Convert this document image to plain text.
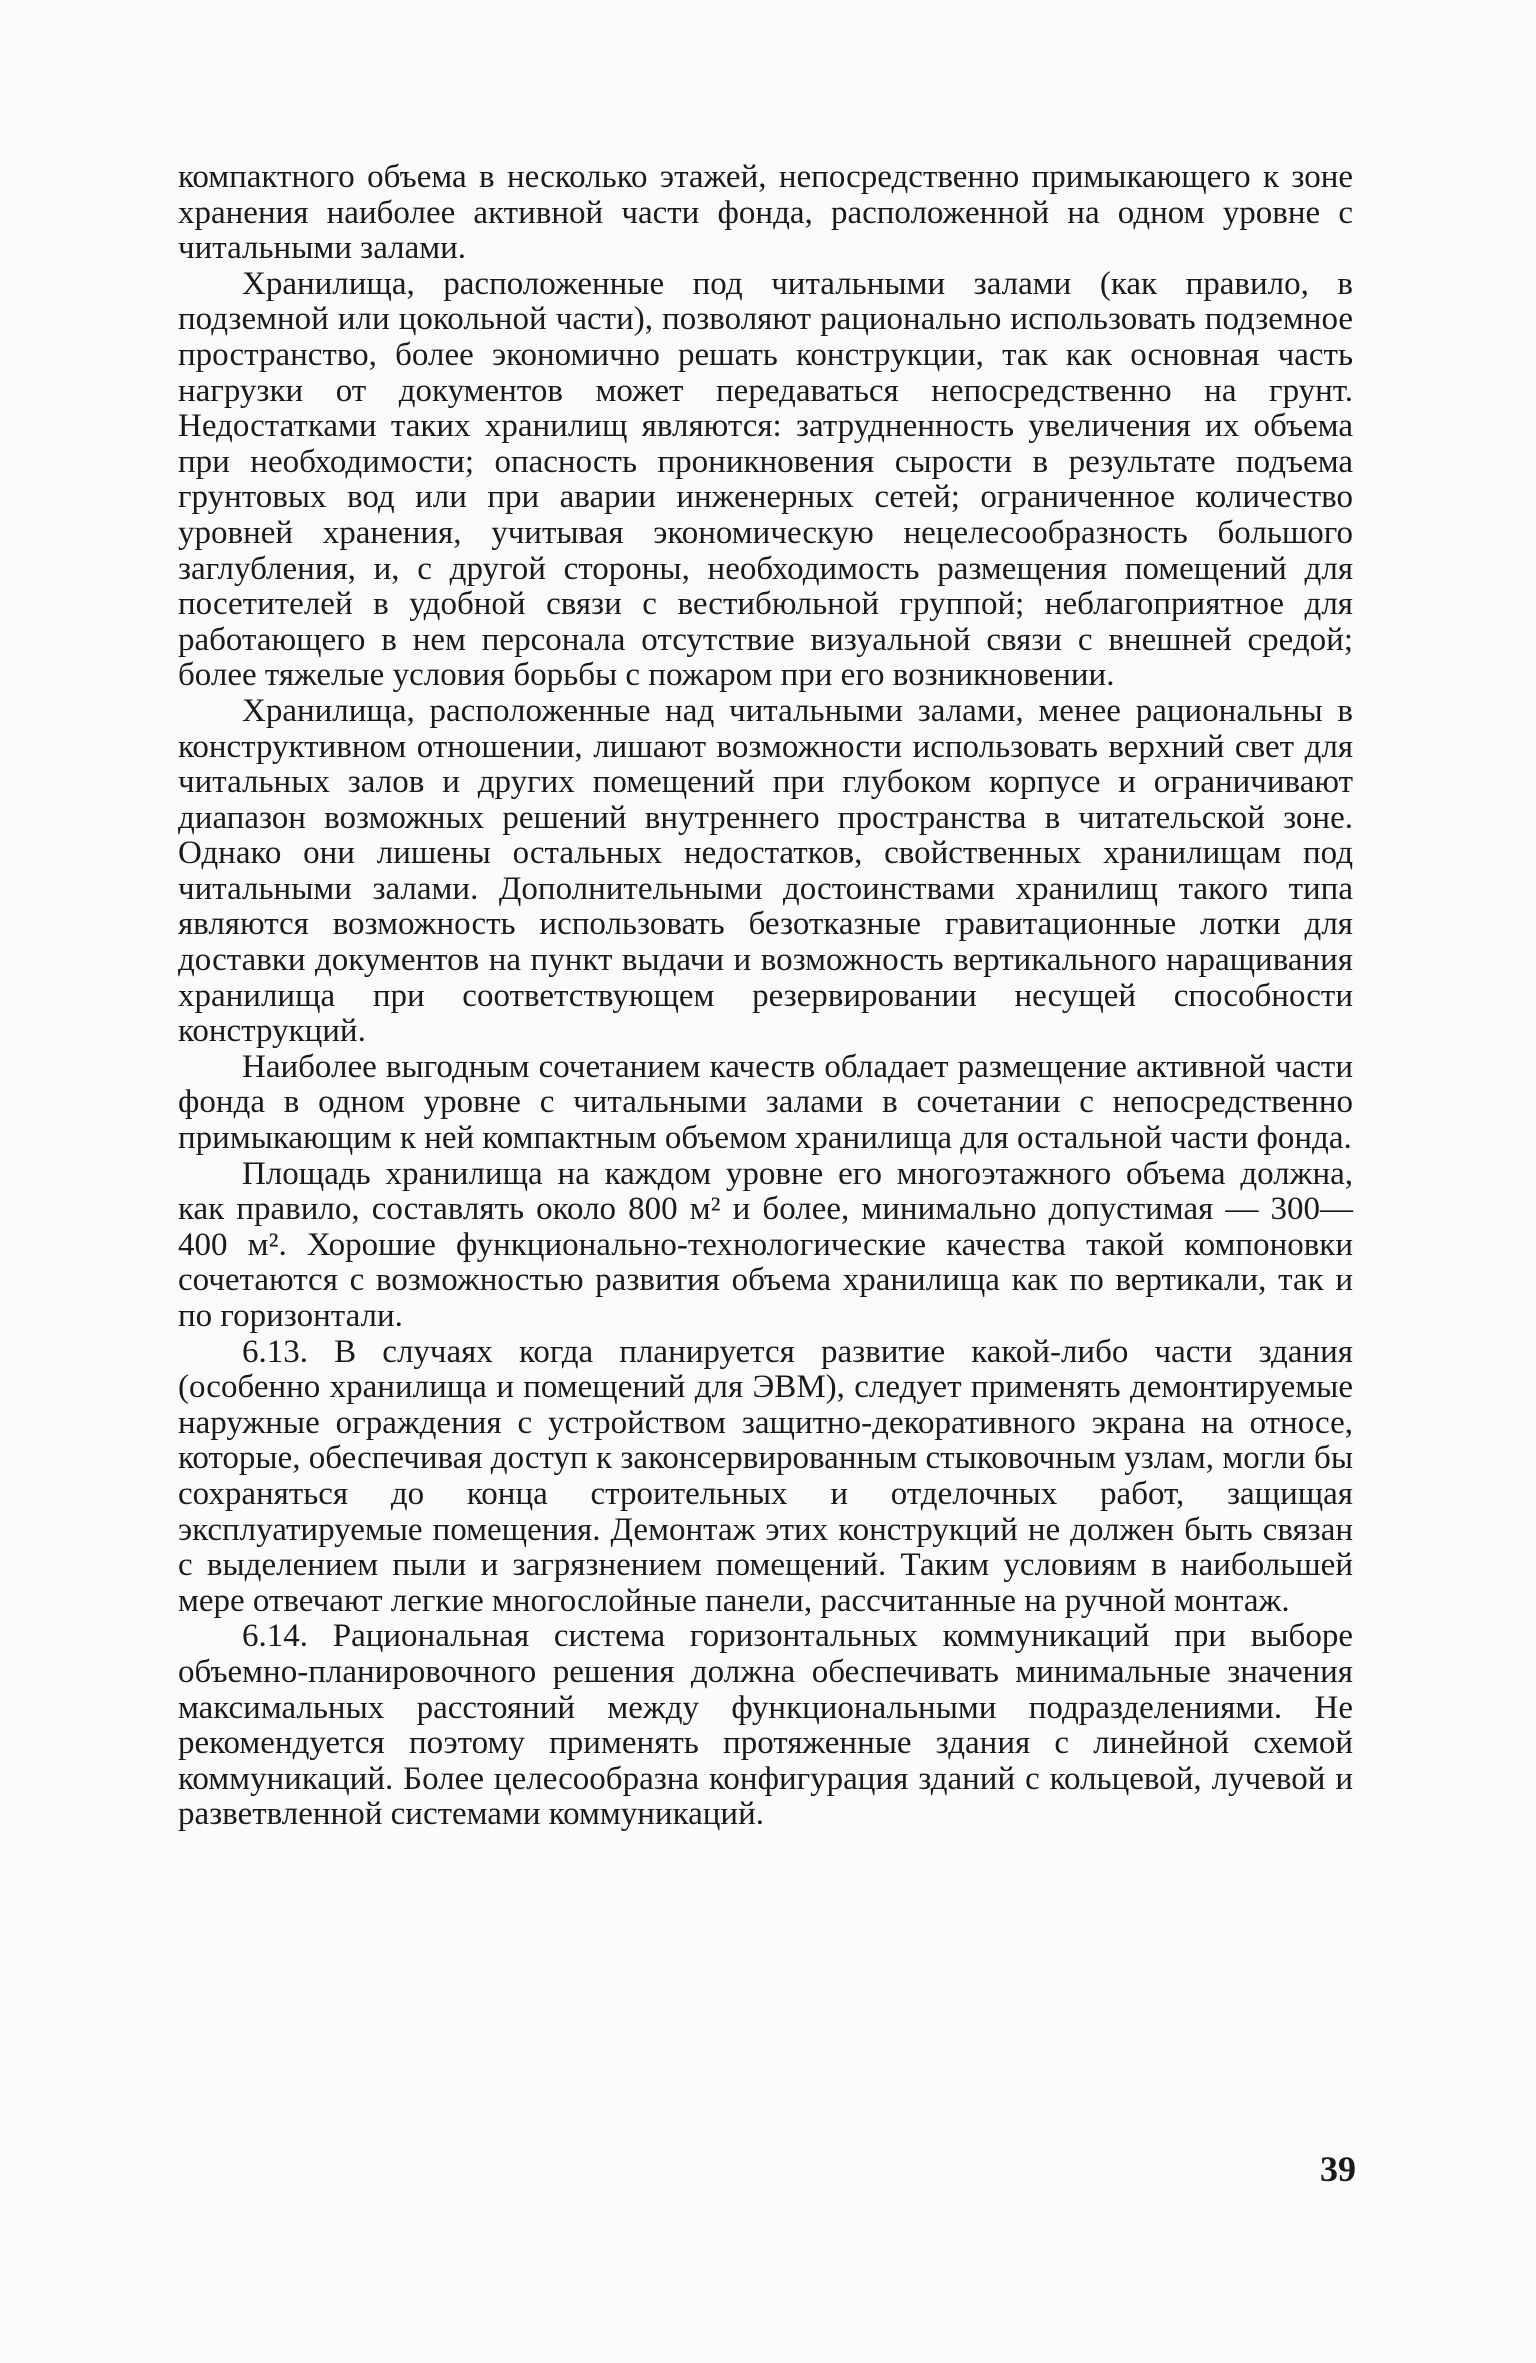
компактного объема в несколько этажей, непосредственно примыкающего к зоне хранения наиболее активной части фонда, расположенной на одном уровне с читальными залами.

Хранилища, расположенные под читальными залами (как правило, в подземной или цокольной части), позволяют рационально использовать подземное пространство, более экономично решать конструкции, так как основная часть нагрузки от документов может передаваться непосредственно на грунт. Недостатками таких хранилищ являются: затрудненность увеличения их объема при необходимости; опасность проникновения сырости в результате подъема грунтовых вод или при аварии инженерных сетей; ограниченное количество уровней хранения, учитывая экономическую нецелесообразность большого заглубления, и, с другой стороны, необходимость размещения помещений для посетителей в удобной связи с вестибюльной группой; неблагоприятное для работающего в нем персонала отсутствие визуальной связи с внешней средой; более тяжелые условия борьбы с пожаром при его возникновении.

Хранилища, расположенные над читальными залами, менее рациональны в конструктивном отношении, лишают возможности использовать верхний свет для читальных залов и других помещений при глубоком корпусе и ограничивают диапазон возможных решений внутреннего пространства в читательской зоне. Однако они лишены остальных недостатков, свойственных хранилищам под читальными залами. Дополнительными достоинствами хранилищ такого типа являются возможность использовать безотказные гравитационные лотки для доставки документов на пункт выдачи и возможность вертикального наращивания хранилища при соответствующем резервировании несущей способности конструкций.

Наиболее выгодным сочетанием качеств обладает размещение активной части фонда в одном уровне с читальными залами в сочетании с непосредственно примыкающим к ней компактным объемом хранилища для остальной части фонда.

Площадь хранилища на каждом уровне его многоэтажного объема должна, как правило, составлять около 800 м² и более, минимально допустимая — 300—400 м². Хорошие функционально-технологические качества такой компоновки сочетаются с возможностью развития объема хранилища как по вертикали, так и по горизонтали.

6.13. В случаях когда планируется развитие какой-либо части здания (особенно хранилища и помещений для ЭВМ), следует применять демонтируемые наружные ограждения с устройством защитно-декоративного экрана на относе, которые, обеспечивая доступ к законсервированным стыковочным узлам, могли бы сохраняться до конца строительных и отделочных работ, защищая эксплуатируемые помещения. Демонтаж этих конструкций не должен быть связан с выделением пыли и загрязнением помещений. Таким условиям в наибольшей мере отвечают легкие многослойные панели, рассчитанные на ручной монтаж.

6.14. Рациональная система горизонтальных коммуникаций при выборе объемно-планировочного решения должна обеспечивать минимальные значения максимальных расстояний между функциональными подразделениями. Не рекомендуется поэтому применять протяженные здания с линейной схемой коммуникаций. Более целесообразна конфигурация зданий с кольцевой, лучевой и разветвленной системами коммуникаций.

39
